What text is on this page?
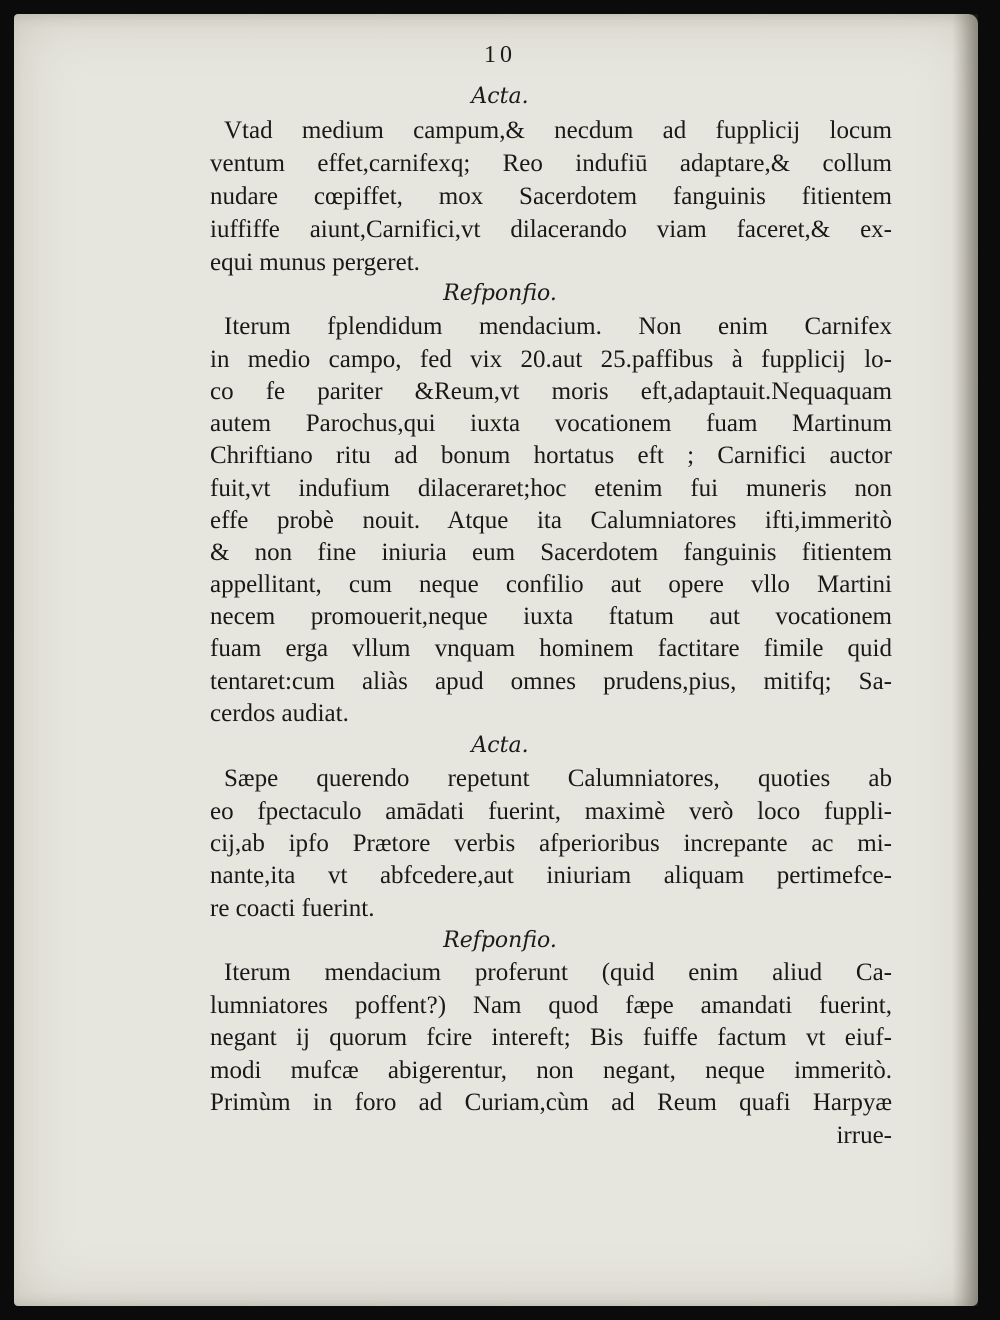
10
Acta.
Vtad medium campum,& necdum ad fupplicij locum
ventum effet,carnifexq; Reo indufiū adaptare,& collum
nudare cœpiffet, mox Sacerdotem fanguinis fitientem
iuffiffe aiunt,Carnifici,vt dilacerando viam faceret,& ex-
equi munus pergeret.
Refponfio.
Iterum fplendidum mendacium. Non enim Carnifex
in medio campo, fed vix 20.aut 25.paffibus à fupplicij lo-
co fe pariter &Reum,vt moris eft,adaptauit.Nequaquam
autem Parochus,qui iuxta vocationem fuam Martinum
Chriftiano ritu ad bonum hortatus eft ; Carnifici auctor
fuit,vt indufium dilaceraret;hoc etenim fui muneris non
effe probè nouit. Atque ita Calumniatores ifti,immeritò
& non fine iniuria eum Sacerdotem fanguinis fitientem
appellitant, cum neque confilio aut opere vllo Martini
necem promouerit,neque iuxta ftatum aut vocationem
fuam erga vllum vnquam hominem factitare fimile quid
tentaret:cum aliàs apud omnes prudens,pius, mitifq; Sa-
cerdos audiat.
Acta.
Sæpe querendo repetunt Calumniatores, quoties ab
eo fpectaculo amādati fuerint, maximè verò loco fuppli-
cij,ab ipfo Prætore verbis afperioribus increpante ac mi-
nante,ita vt abfcedere,aut iniuriam aliquam pertimefce-
re coacti fuerint.
Refponfio.
Iterum mendacium proferunt (quid enim aliud Ca-
lumniatores poffent?) Nam quod fæpe amandati fuerint,
negant ij quorum fcire intereft; Bis fuiffe factum vt eiuf-
modi mufcæ abigerentur, non negant, neque immeritò.
Primùm in foro ad Curiam,cùm ad Reum quafi Harpyæ
irrue-
